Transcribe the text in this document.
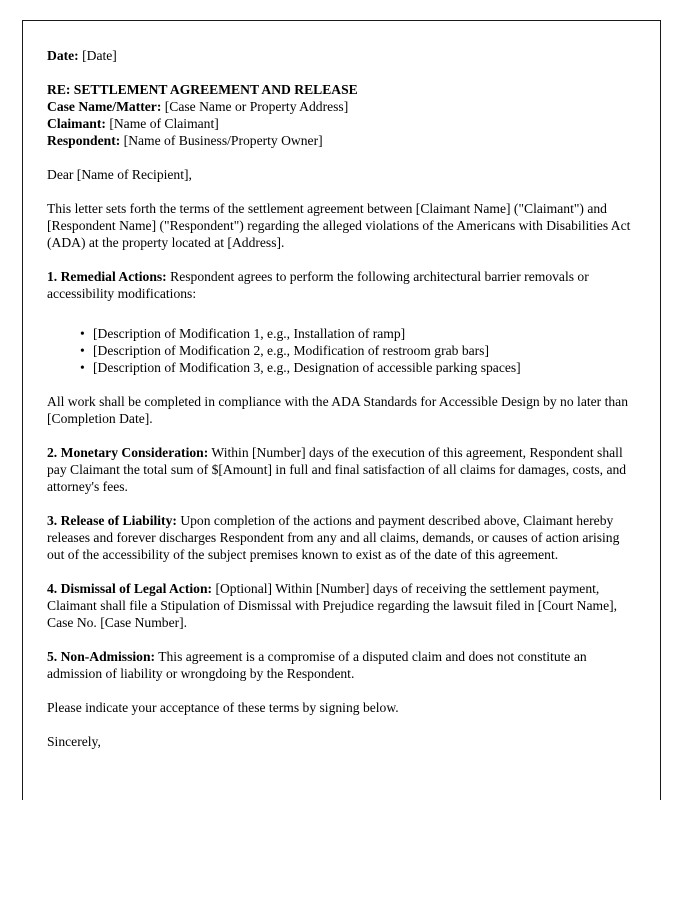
Date: [Date]
RE: SETTLEMENT AGREEMENT AND RELEASE
Case Name/Matter: [Case Name or Property Address]
Claimant: [Name of Claimant]
Respondent: [Name of Business/Property Owner]
Dear [Name of Recipient],
This letter sets forth the terms of the settlement agreement between [Claimant Name] ("Claimant") and [Respondent Name] ("Respondent") regarding the alleged violations of the Americans with Disabilities Act (ADA) at the property located at [Address].
1. Remedial Actions: Respondent agrees to perform the following architectural barrier removals or accessibility modifications:
• [Description of Modification 1, e.g., Installation of ramp]
• [Description of Modification 2, e.g., Modification of restroom grab bars]
• [Description of Modification 3, e.g., Designation of accessible parking spaces]
All work shall be completed in compliance with the ADA Standards for Accessible Design by no later than [Completion Date].
2. Monetary Consideration: Within [Number] days of the execution of this agreement, Respondent shall pay Claimant the total sum of $[Amount] in full and final satisfaction of all claims for damages, costs, and attorney's fees.
3. Release of Liability: Upon completion of the actions and payment described above, Claimant hereby releases and forever discharges Respondent from any and all claims, demands, or causes of action arising out of the accessibility of the subject premises known to exist as of the date of this agreement.
4. Dismissal of Legal Action: [Optional] Within [Number] days of receiving the settlement payment, Claimant shall file a Stipulation of Dismissal with Prejudice regarding the lawsuit filed in [Court Name], Case No. [Case Number].
5. Non-Admission: This agreement is a compromise of a disputed claim and does not constitute an admission of liability or wrongdoing by the Respondent.
Please indicate your acceptance of these terms by signing below.
Sincerely,
